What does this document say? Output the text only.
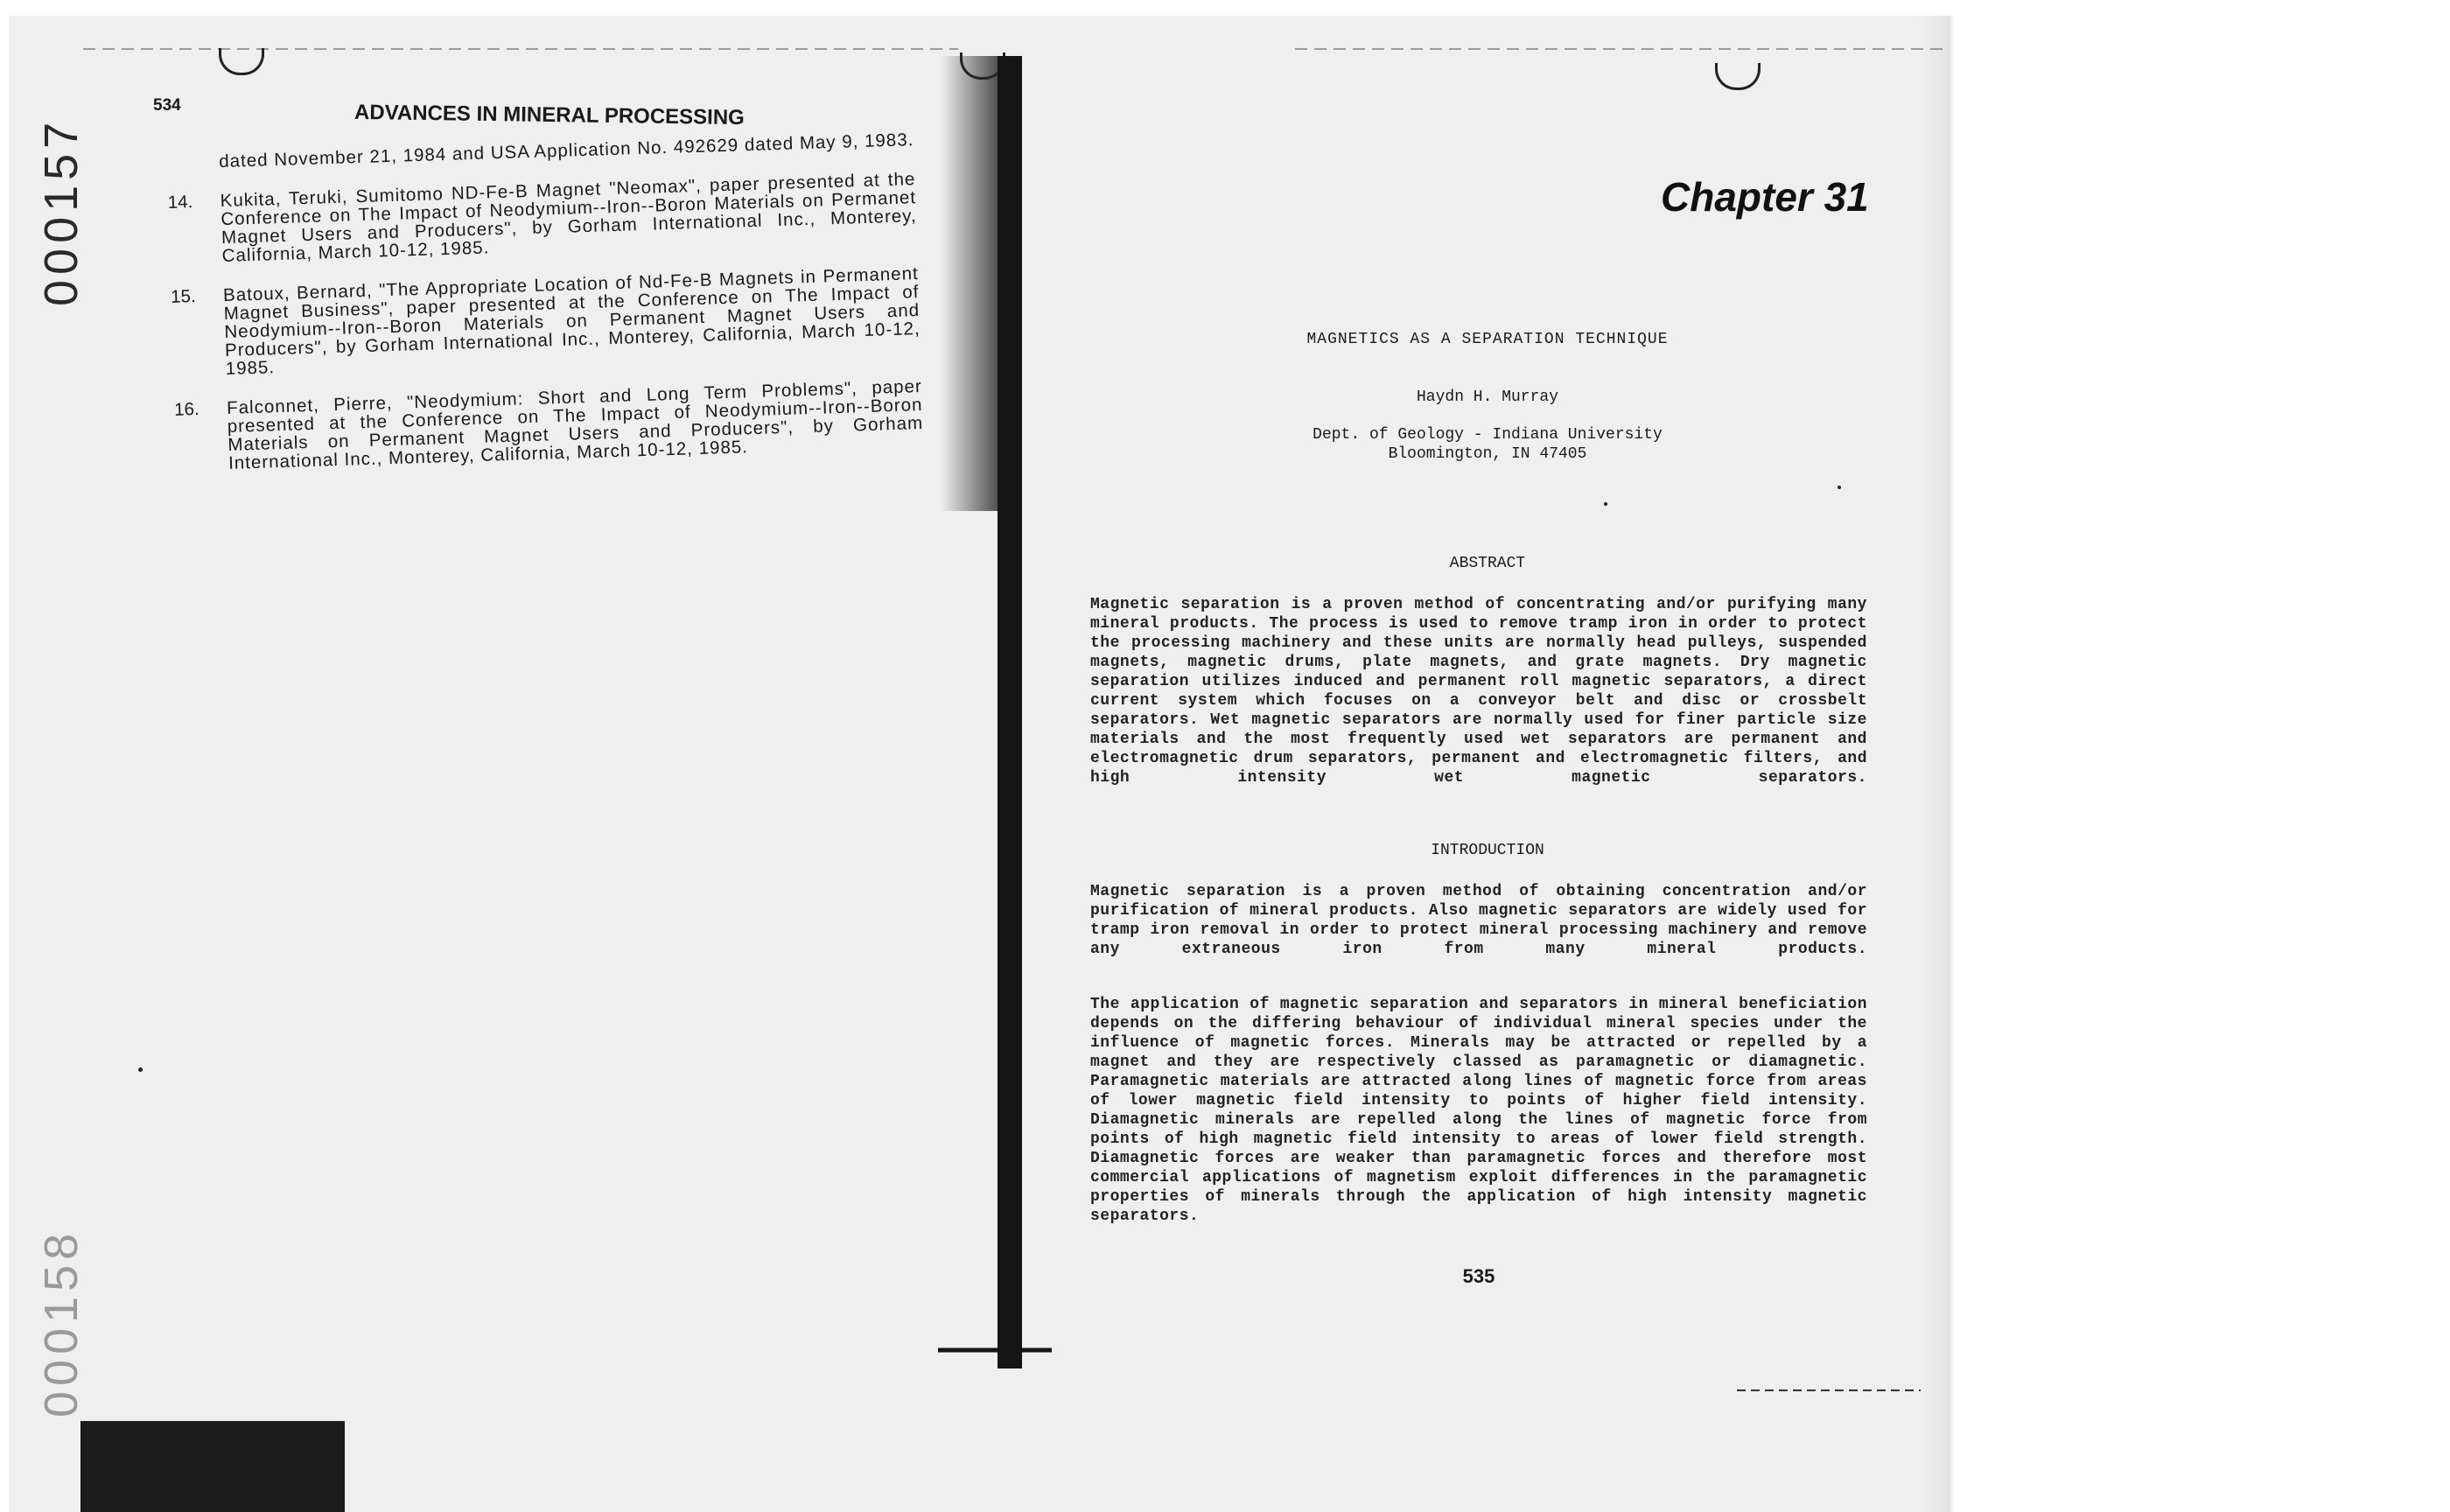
000157
000158
534	ADVANCES IN MINERAL PROCESSING
dated November 21, 1984 and USA Application No. 492629 dated May 9, 1983.
14.	Kukita, Teruki, Sumitomo ND-Fe-B Magnet "Neomax", paper presented at the Conference on The Impact of Neodymium--Iron--Boron Materials on Permanet Magnet Users and Producers", by Gorham International Inc., Monterey, California, March 10-12, 1985.
15.	Batoux, Bernard, "The Appropriate Location of Nd-Fe-B Magnets in Permanent Magnet Business", paper presented at the Conference on The Impact of Neodymium--Iron--Boron Materials on Permanent Magnet Users and Producers", by Gorham International Inc., Monterey, California, March 10-12, 1985.
16.	Falconnet, Pierre, "Neodymium: Short and Long Term Problems", paper presented at the Conference on The Impact of Neodymium--Iron--Boron Materials on Permanent Magnet Users and Producers", by Gorham International Inc., Monterey, California, March 10-12, 1985.
Chapter 31
MAGNETICS AS A SEPARATION TECHNIQUE
Haydn H. Murray
Dept. of Geology - Indiana University
Bloomington, IN 47405
ABSTRACT
Magnetic separation is a proven method of concentrating and/or purifying many mineral products. The process is used to remove tramp iron in order to protect the processing machinery and these units are normally head pulleys, suspended magnets, magnetic drums, plate magnets, and grate magnets. Dry magnetic separation utilizes induced and permanent roll magnetic separators, a direct current system which focuses on a conveyor belt and disc or crossbelt separators. Wet magnetic separators are normally used for finer particle size materials and the most frequently used wet separators are permanent and electromagnetic drum separators, permanent and electromagnetic filters, and high intensity wet magnetic separators.
INTRODUCTION
Magnetic separation is a proven method of obtaining concentration and/or purification of mineral products. Also magnetic separators are widely used for tramp iron removal in order to protect mineral processing machinery and remove any extraneous iron from many mineral products.
The application of magnetic separation and separators in mineral beneficiation depends on the differing behaviour of individual mineral species under the influence of magnetic forces. Minerals may be attracted or repelled by a magnet and they are respectively classed as paramagnetic or diamagnetic. Paramagnetic materials are attracted along lines of magnetic force from areas of lower magnetic field intensity to points of higher field intensity. Diamagnetic minerals are repelled along the lines of magnetic force from points of high magnetic field intensity to areas of lower field strength. Diamagnetic forces are weaker than paramagnetic forces and therefore most commercial applications of magnetism exploit differences in the paramagnetic properties of minerals through the application of high intensity magnetic separators.
535
